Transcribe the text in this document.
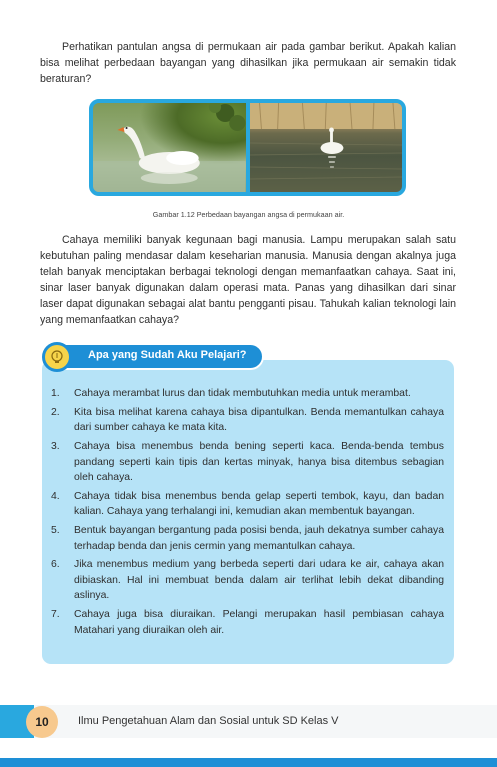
Perhatikan pantulan angsa di permukaan air pada gambar berikut. Apakah kalian bisa melihat perbedaan bayangan yang dihasilkan jika permukaan air semakin tidak beraturan?

Gambar 1.12 Perbedaan bayangan angsa di permukaan air.

Cahaya memiliki banyak kegunaan bagi manusia. Lampu merupakan salah satu kebutuhan paling mendasar dalam keseharian manusia. Manusia dengan akalnya juga telah banyak menciptakan berbagai teknologi dengan memanfaatkan cahaya. Saat ini, sinar laser banyak digunakan dalam operasi mata. Panas yang dihasilkan dari sinar laser dapat digunakan sebagai alat bantu pengganti pisau. Tahukah kalian teknologi lain yang memanfaatkan cahaya?

Apa yang Sudah Aku Pelajari?
1.	Cahaya merambat lurus dan tidak membutuhkan media untuk merambat.
2.	Kita bisa melihat karena cahaya bisa dipantulkan. Benda memantulkan cahaya dari sumber cahaya ke mata kita.
3.	Cahaya bisa menembus benda bening seperti kaca. Benda-benda tembus pandang seperti kain tipis dan kertas minyak, hanya bisa ditembus sebagian oleh cahaya.
4.	Cahaya tidak bisa menembus benda gelap seperti tembok, kayu, dan badan kalian. Cahaya yang terhalangi ini, kemudian akan membentuk bayangan.
5.	Bentuk bayangan bergantung pada posisi benda, jauh dekatnya sumber cahaya terhadap benda dan jenis cermin yang memantulkan cahaya.
6.	Jika menembus medium yang berbeda seperti dari udara ke air, cahaya akan dibiaskan. Hal ini membuat benda dalam air terlihat lebih dekat dibanding aslinya.
7.	Cahaya juga bisa diuraikan. Pelangi merupakan hasil pembiasan cahaya Matahari yang diuraikan oleh air.
10	Ilmu Pengetahuan Alam dan Sosial untuk SD Kelas V
